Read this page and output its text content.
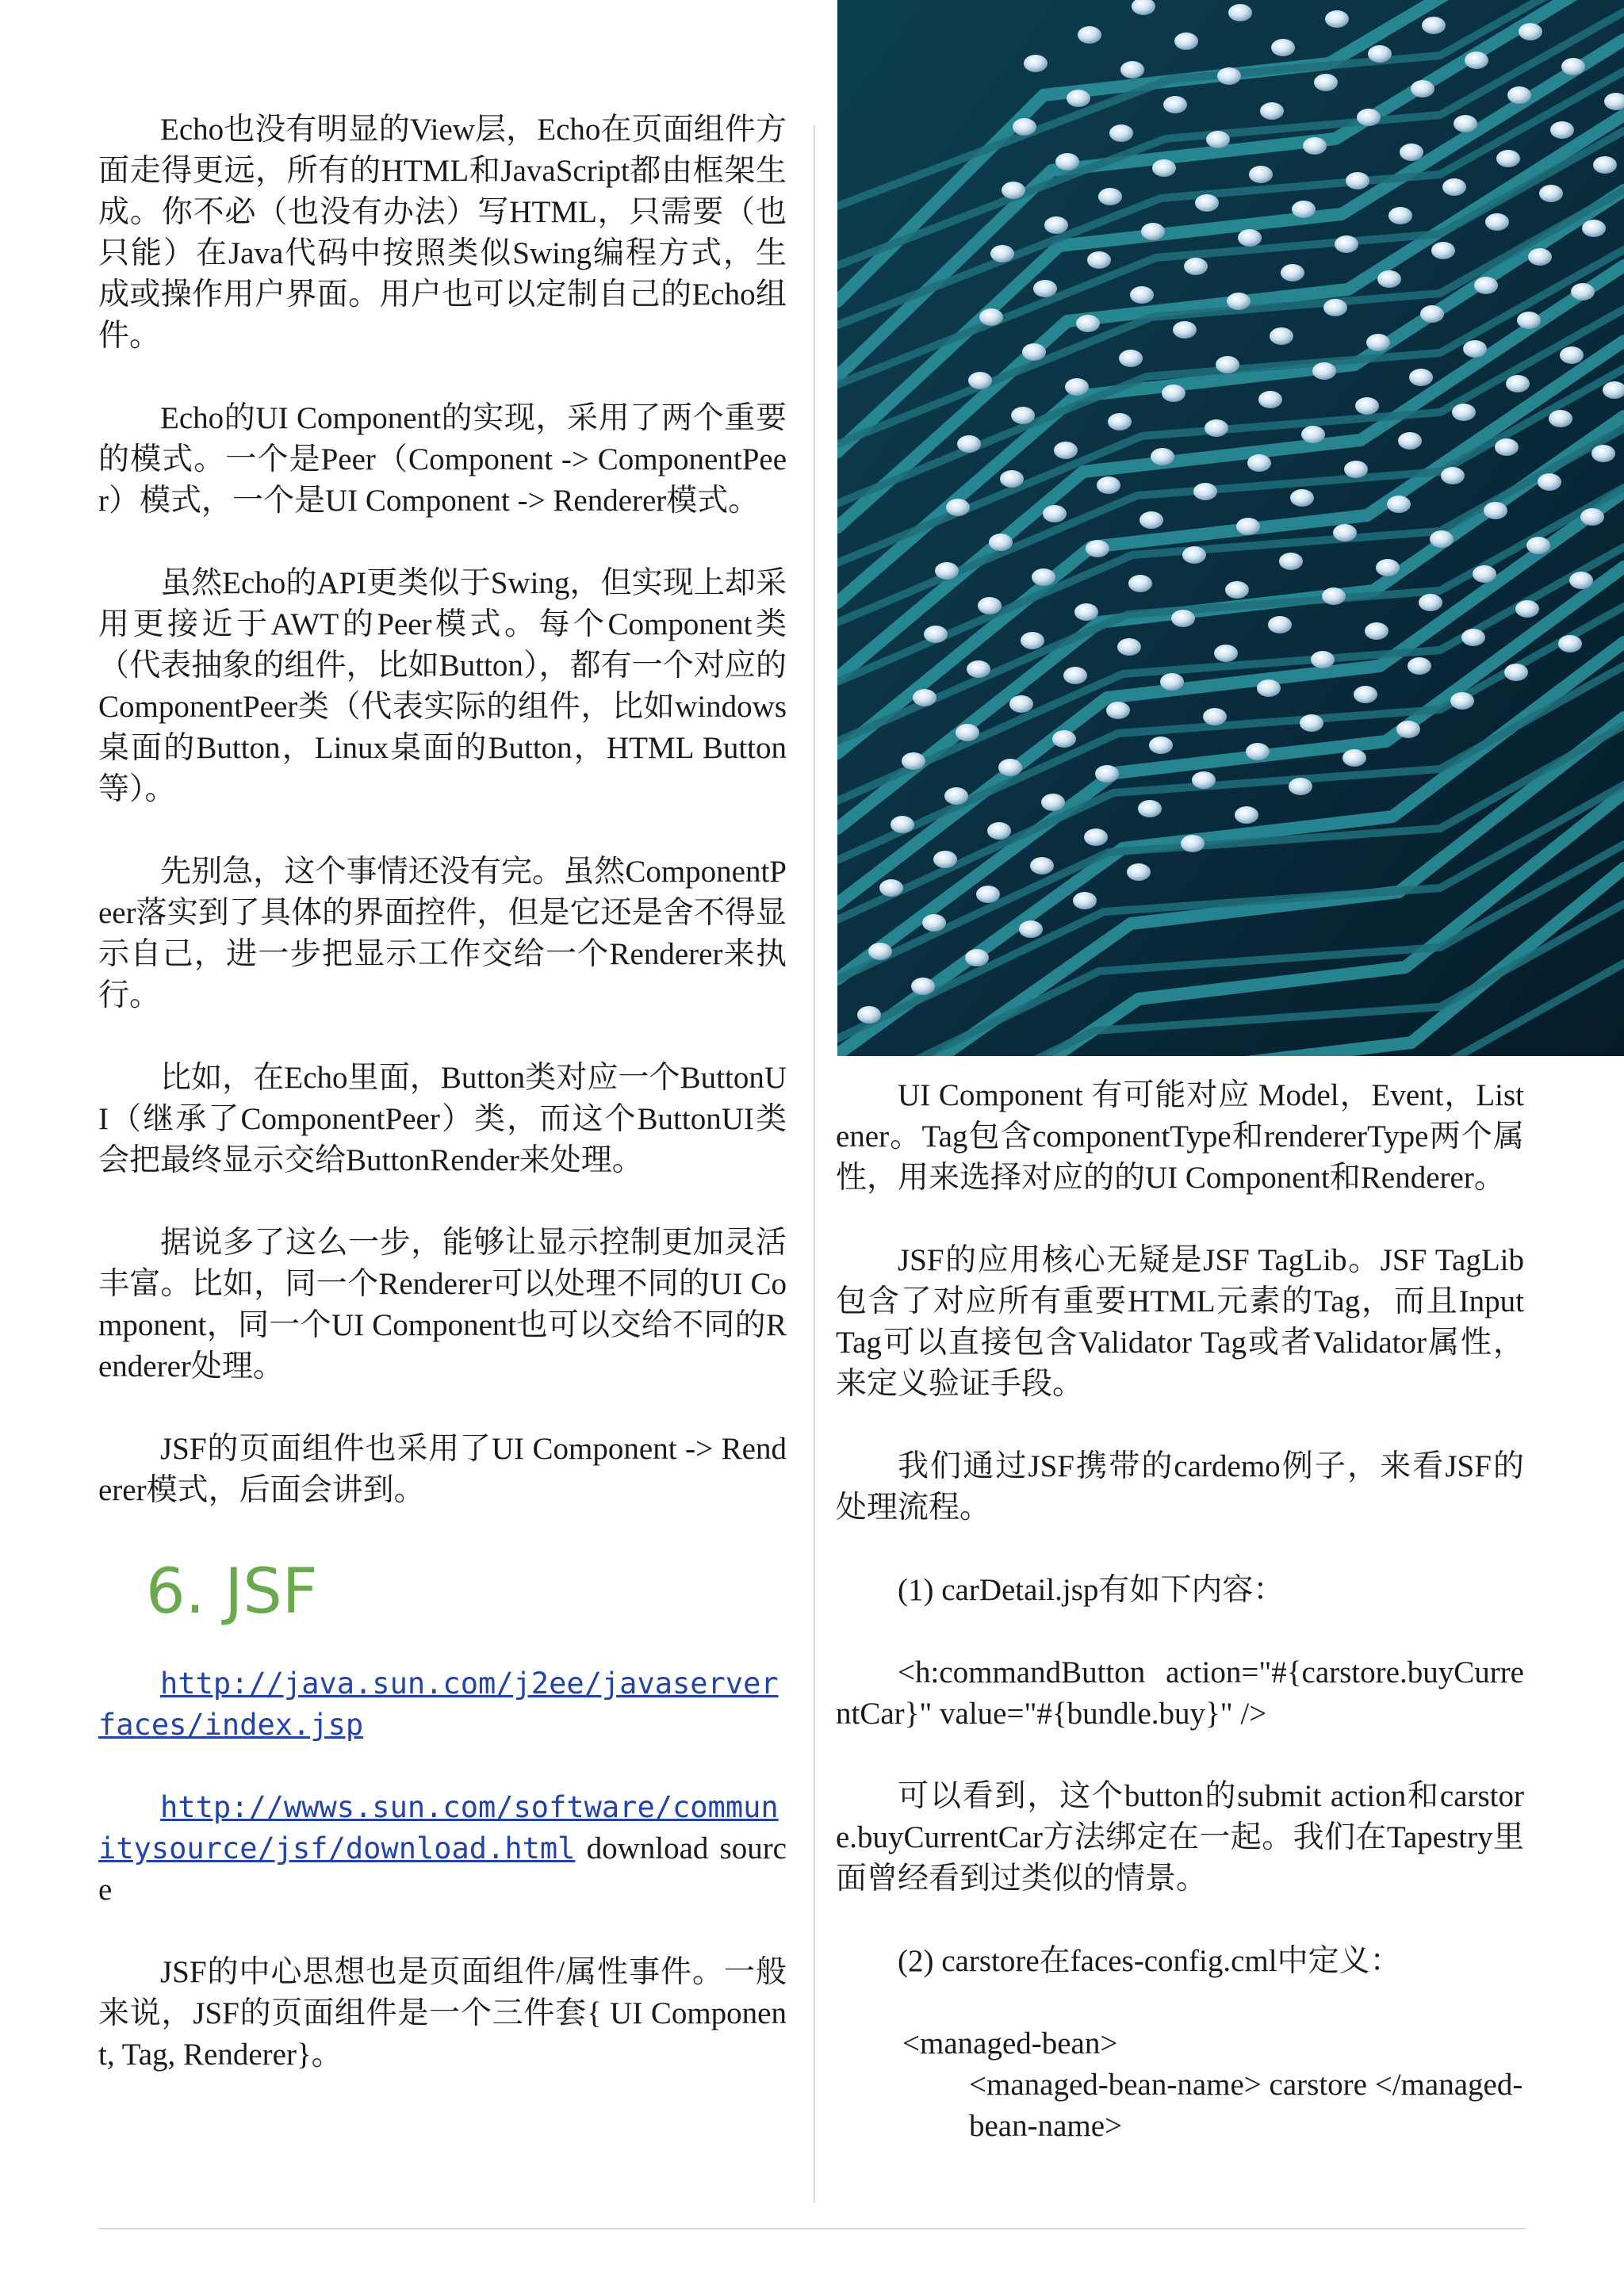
Echo也没有明显的View层，Echo在页面组件方面走得更远，所有的HTML和JavaScript都由框架生成。你不必（也没有办法）写HTML，只需要（也只能）在Java代码中按照类似Swing编程方式，生成或操作用户界面。用户也可以定制自己的Echo组件。

Echo的UI Component的实现，采用了两个重要的模式。一个是Peer（Component -> ComponentPeer）模式，一个是UI Component -> Renderer模式。

虽然Echo的API更类似于Swing，但实现上却采用更接近于AWT的Peer模式。每个Component类（代表抽象的组件，比如Button），都有一个对应的ComponentPeer类（代表实际的组件，比如windows桌面的Button，Linux桌面的Button，HTML Button等）。

先别急，这个事情还没有完。虽然ComponentPeer落实到了具体的界面控件，但是它还是舍不得显示自己，进一步把显示工作交给一个Renderer来执行。

比如，在Echo里面，Button类对应一个ButtonUI（继承了ComponentPeer）类，而这个ButtonUI类会把最终显示交给ButtonRender来处理。

据说多了这么一步，能够让显示控制更加灵活丰富。比如，同一个Renderer可以处理不同的UI Component，同一个UI Component也可以交给不同的Renderer处理。

JSF的页面组件也采用了UI Component -> Renderer模式，后面会讲到。

6. JSF

http://java.sun.com/j2ee/javaserverfaces/index.jsp

http://wwws.sun.com/software/communitysource/jsf/download.html download source

JSF的中心思想也是页面组件/属性事件。一般来说，JSF的页面组件是一个三件套{ UI Component, Tag, Renderer}。

UI Component 有可能对应 Model，Event，Listener。Tag包含componentType和rendererType两个属性，用来选择对应的的UI Component和Renderer。

JSF的应用核心无疑是JSF TagLib。JSF TagLib包含了对应所有重要HTML元素的Tag，而且Input Tag可以直接包含Validator Tag或者Validator属性，来定义验证手段。

我们通过JSF携带的cardemo例子，来看JSF的处理流程。

(1) carDetail.jsp有如下内容：

<h:commandButton action="#{carstore.buyCurrentCar}" value="#{bundle.buy}" />

可以看到，这个button的submit action和carstore.buyCurrentCar方法绑定在一起。我们在Tapestry里面曾经看到过类似的情景。

(2) carstore在faces-config.cml中定义：

<managed-bean>

<managed-bean-name> carstore </managed-bean-name>
